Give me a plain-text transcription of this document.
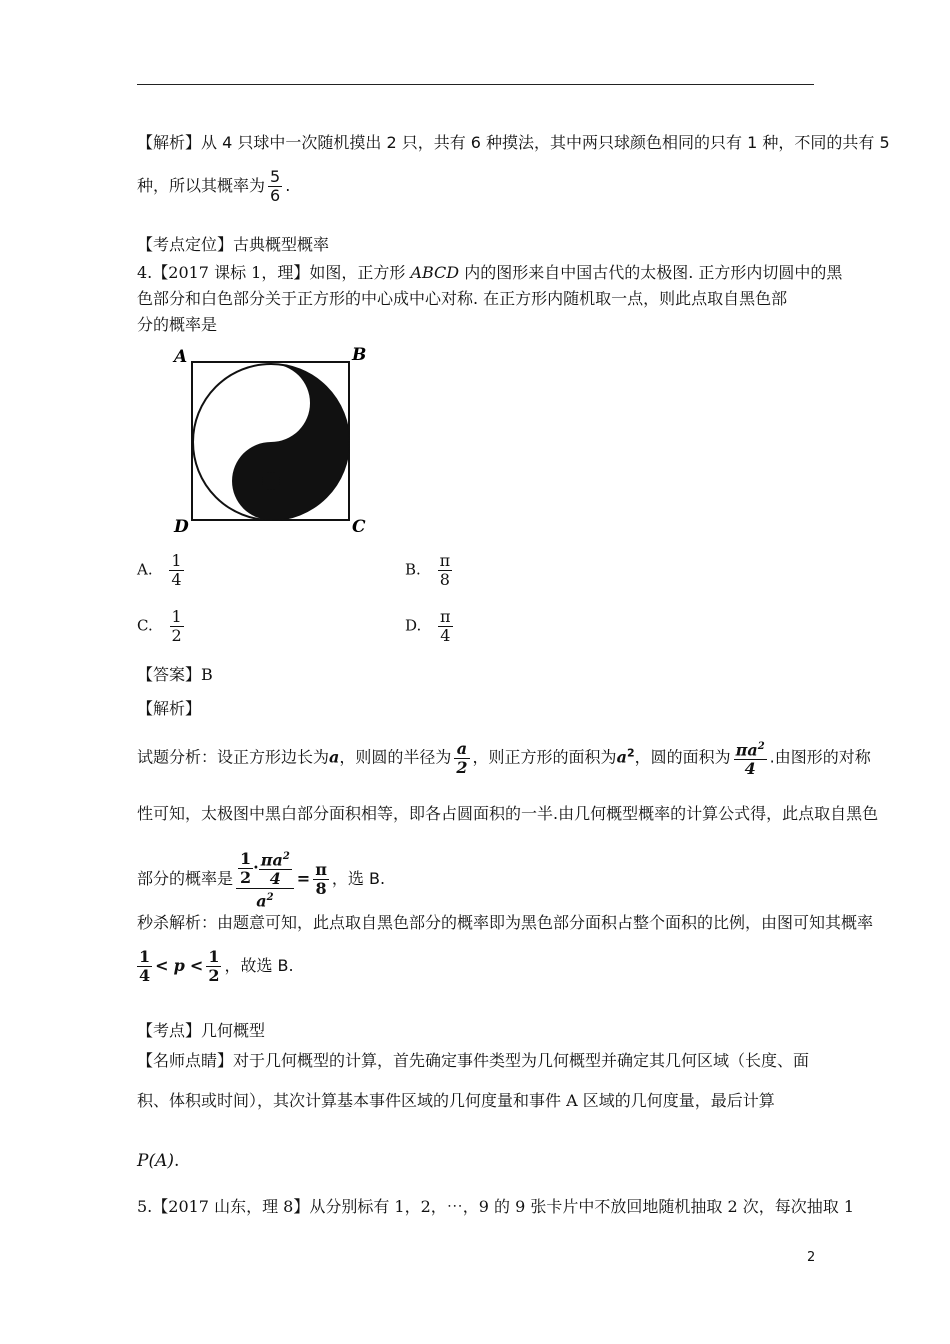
【解析】从 4 只球中一次随机摸出 2 只，共有 6 种摸法，其中两只球颜色相同的只有 1 种，不同的共有 5
种，所以其概率为 $\frac{5}{6}$ .
【考点定位】古典概型概率
4.【2017 课标 1，理】如图，正方形 ABCD 内的图形来自中国古代的太极图. 正方形内切圆中的黑
色部分和白色部分关于正方形的中心成中心对称. 在正方形内随机取一点，则此点取自黑色部
分的概率是
A	B
C
D
A. $\frac{1}{4}$	B. $\frac{\pi}{8}$
C. $\frac{1}{2}$	D. $\frac{\pi}{4}$
【答案】B
【解析】
试题分析：设正方形边长为a，则圆的半径为 $\frac{a}{2}$ ，则正方形的面积为$a^2$，圆的面积为 $\frac{\pi a^2}{4}$ .由图形的对称
性可知，太极图中黑白部分面积相等，即各占圆面积的一半.由几何概型概率的计算公式得，此点取自黑色
部分的概率是 $\frac{\frac{1}{2} \cdot \frac{\pi a^2}{4}}{a^2} = \frac{\pi}{8}$ ，选 B.
秒杀解析：由题意可知，此点取自黑色部分的概率即为黑色部分面积占整个面积的比例，由图可知其概率
$\frac{1}{4} < p < \frac{1}{2}$ ，故选 B.
【考点】几何概型
【名师点睛】对于几何概型的计算，首先确定事件类型为几何概型并确定其几何区域（长度、面
积、体积或时间），其次计算基本事件区域的几何度量和事件 A 区域的几何度量，最后计算
P(A).
5.【2017 山东，理 8】从分别标有 1，2，⋯，9 的 9 张卡片中不放回地随机抽取 2 次，每次抽取 1
2
